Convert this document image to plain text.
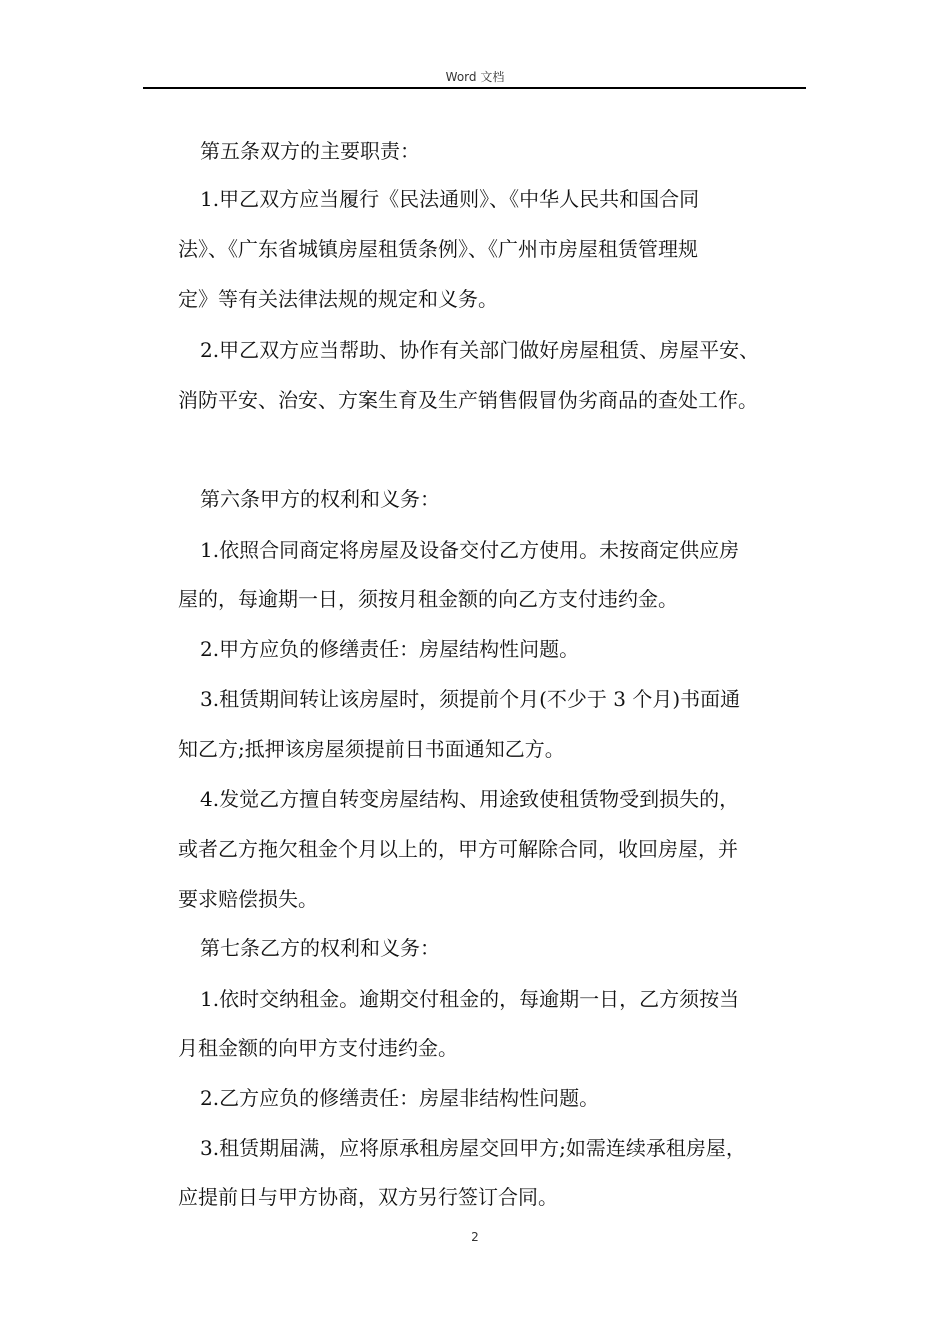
Word 文档
第五条双方的主要职责：
1.甲乙双方应当履行《民法通则》、《中华人民共和国合同
法》、《广东省城镇房屋租赁条例》、《广州市房屋租赁管理规
定》等有关法律法规的规定和义务。
2.甲乙双方应当帮助、协作有关部门做好房屋租赁、房屋平安、
消防平安、治安、方案生育及生产销售假冒伪劣商品的查处工作。
第六条甲方的权利和义务：
1.依照合同商定将房屋及设备交付乙方使用。未按商定供应房
屋的，每逾期一日，须按月租金额的向乙方支付违约金。
2.甲方应负的修缮责任：房屋结构性问题。
3.租赁期间转让该房屋时，须提前个月(不少于 3 个月)书面通
知乙方;抵押该房屋须提前日书面通知乙方。
4.发觉乙方擅自转变房屋结构、用途致使租赁物受到损失的，
或者乙方拖欠租金个月以上的，甲方可解除合同，收回房屋，并
要求赔偿损失。
第七条乙方的权利和义务：
1.依时交纳租金。逾期交付租金的，每逾期一日，乙方须按当
月租金额的向甲方支付违约金。
2.乙方应负的修缮责任：房屋非结构性问题。
3.租赁期届满，应将原承租房屋交回甲方;如需连续承租房屋，
应提前日与甲方协商，双方另行签订合同。
2
